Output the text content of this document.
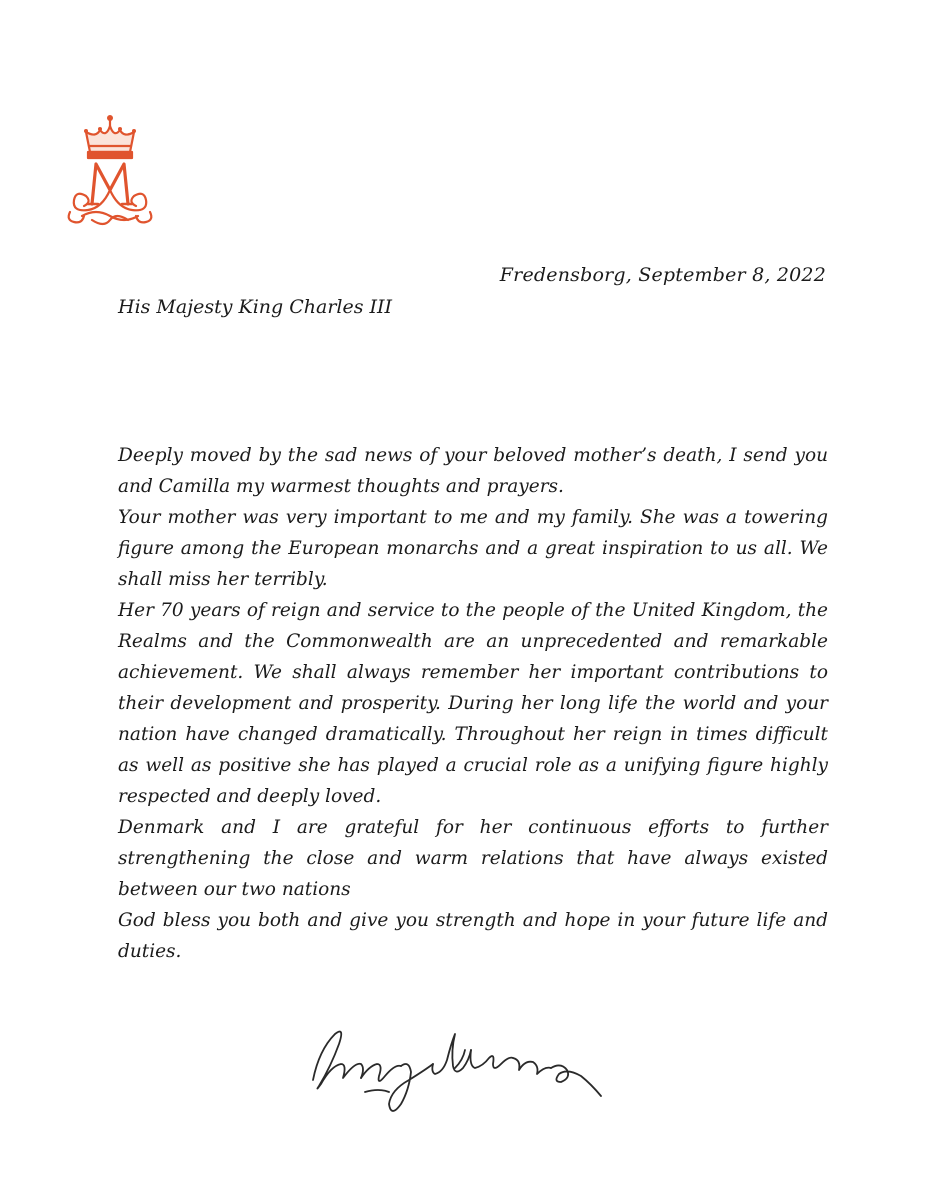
Fredensborg, September 8, 2022
His Majesty King Charles III

Deeply moved by the sad news of your beloved mother’s death, I send you and Camilla my warmest thoughts and prayers.

Your mother was very important to me and my family. She was a towering figure among the European monarchs and a great inspiration to us all. We shall miss her terribly.

Her 70 years of reign and service to the people of the United Kingdom, the Realms and the Commonwealth are an unprecedented and remarkable achievement. We shall always remember her important contributions to their development and prosperity. During her long life the world and your nation have changed dramatically. Throughout her reign in times difficult as well as positive she has played a crucial role as a unifying figure highly respected and deeply loved.

Denmark and I are grateful for her continuous efforts to further strengthening the close and warm relations that have always existed between our two nations

God bless you both and give you strength and hope in your future life and duties.
